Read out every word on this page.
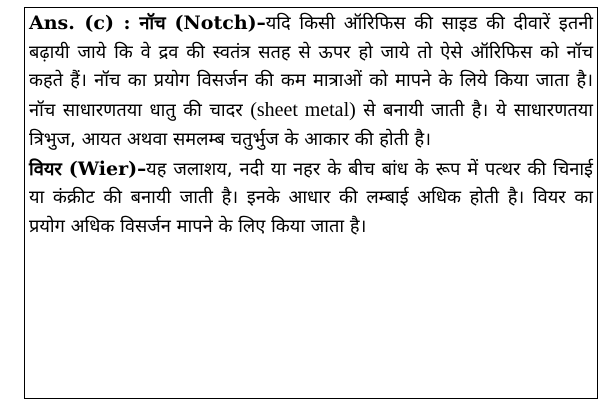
Ans. (c) : नॉच (Notch)–यदि किसी ऑरिफिस की साइड की दीवारें इतनी बढ़ायी जाये कि वे द्रव की स्वतंत्र सतह से ऊपर हो जाये तो ऐसे ऑरिफिस को नॉच कहते हैं। नॉच का प्रयोग विसर्जन की कम मात्राओं को मापने के लिये किया जाता है। नॉच साधारणतया धातु की चादर (sheet metal) से बनायी जाती है। ये साधारणतया त्रिभुज, आयत अथवा समलम्ब चतुर्भुज के आकार की होती है।

वियर (Wier)–यह जलाशय, नदी या नहर के बीच बांध के रूप में पत्थर की चिनाई या कंक्रीट की बनायी जाती है। इनके आधार की लम्बाई अधिक होती है। वियर का प्रयोग अधिक विसर्जन मापने के लिए किया जाता है।
